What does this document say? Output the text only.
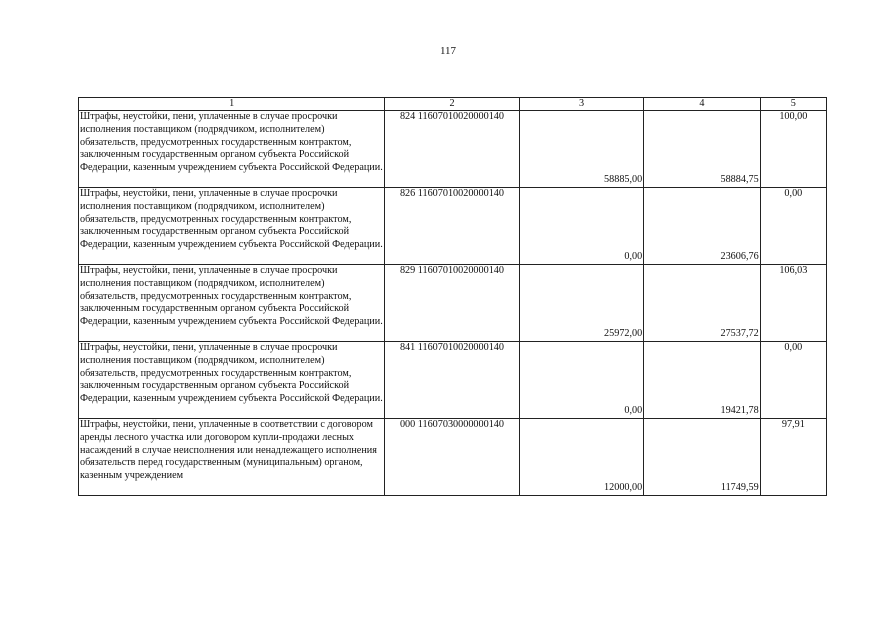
117
1	2	3	4	5
Штрафы, неустойки, пени, уплаченные в случае просрочки исполнения поставщиком (подрядчиком, исполнителем) обязательств, предусмотренных государственным контрактом, заключенным государственным органом субъекта Российской Федерации, казенным учреждением субъекта Российской Федерации.	824 11607010020000140	58885,00	58884,75	100,00
Штрафы, неустойки, пени, уплаченные в случае просрочки исполнения поставщиком (подрядчиком, исполнителем) обязательств, предусмотренных государственным контрактом, заключенным государственным органом субъекта Российской Федерации, казенным учреждением субъекта Российской Федерации.	826 11607010020000140	0,00	23606,76	0,00
Штрафы, неустойки, пени, уплаченные в случае просрочки исполнения поставщиком (подрядчиком, исполнителем) обязательств, предусмотренных государственным контрактом, заключенным государственным органом субъекта Российской Федерации, казенным учреждением субъекта Российской Федерации.	829 11607010020000140	25972,00	27537,72	106,03
Штрафы, неустойки, пени, уплаченные в случае просрочки исполнения поставщиком (подрядчиком, исполнителем) обязательств, предусмотренных государственным контрактом, заключенным государственным органом субъекта Российской Федерации, казенным учреждением субъекта Российской Федерации.	841 11607010020000140	0,00	19421,78	0,00
Штрафы, неустойки, пени, уплаченные в соответствии с договором аренды лесного участка или договором купли-продажи лесных насаждений в случае неисполнения или ненадлежащего исполнения обязательств перед государственным (муниципальным) органом, казенным учреждением	000 11607030000000140	12000,00	11749,59	97,91
